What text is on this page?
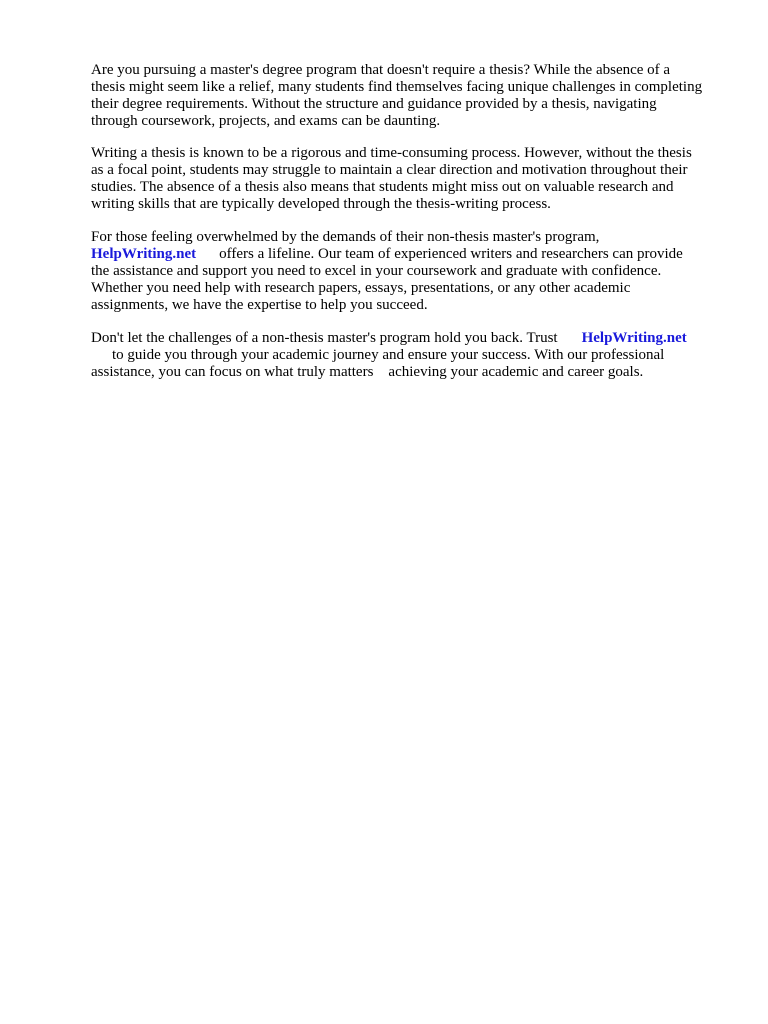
Are you pursuing a master's degree program that doesn't require a thesis? While the absence of a
thesis might seem like a relief, many students find themselves facing unique challenges in completing
their degree requirements. Without the structure and guidance provided by a thesis, navigating
through coursework, projects, and exams can be daunting.
Writing a thesis is known to be a rigorous and time-consuming process. However, without the thesis
as a focal point, students may struggle to maintain a clear direction and motivation throughout their
studies. The absence of a thesis also means that students might miss out on valuable research and
writing skills that are typically developed through the thesis-writing process.
For those feeling overwhelmed by the demands of their non-thesis master's program,
HelpWriting.net offers a lifeline. Our team of experienced writers and researchers can provide
the assistance and support you need to excel in your coursework and graduate with confidence.
Whether you need help with research papers, essays, presentations, or any other academic
assignments, we have the expertise to help you succeed.
Don't let the challenges of a non-thesis master's program hold you back. Trust HelpWriting.net
to guide you through your academic journey and ensure your success. With our professional
assistance, you can focus on what truly matters achieving your academic and career goals.
